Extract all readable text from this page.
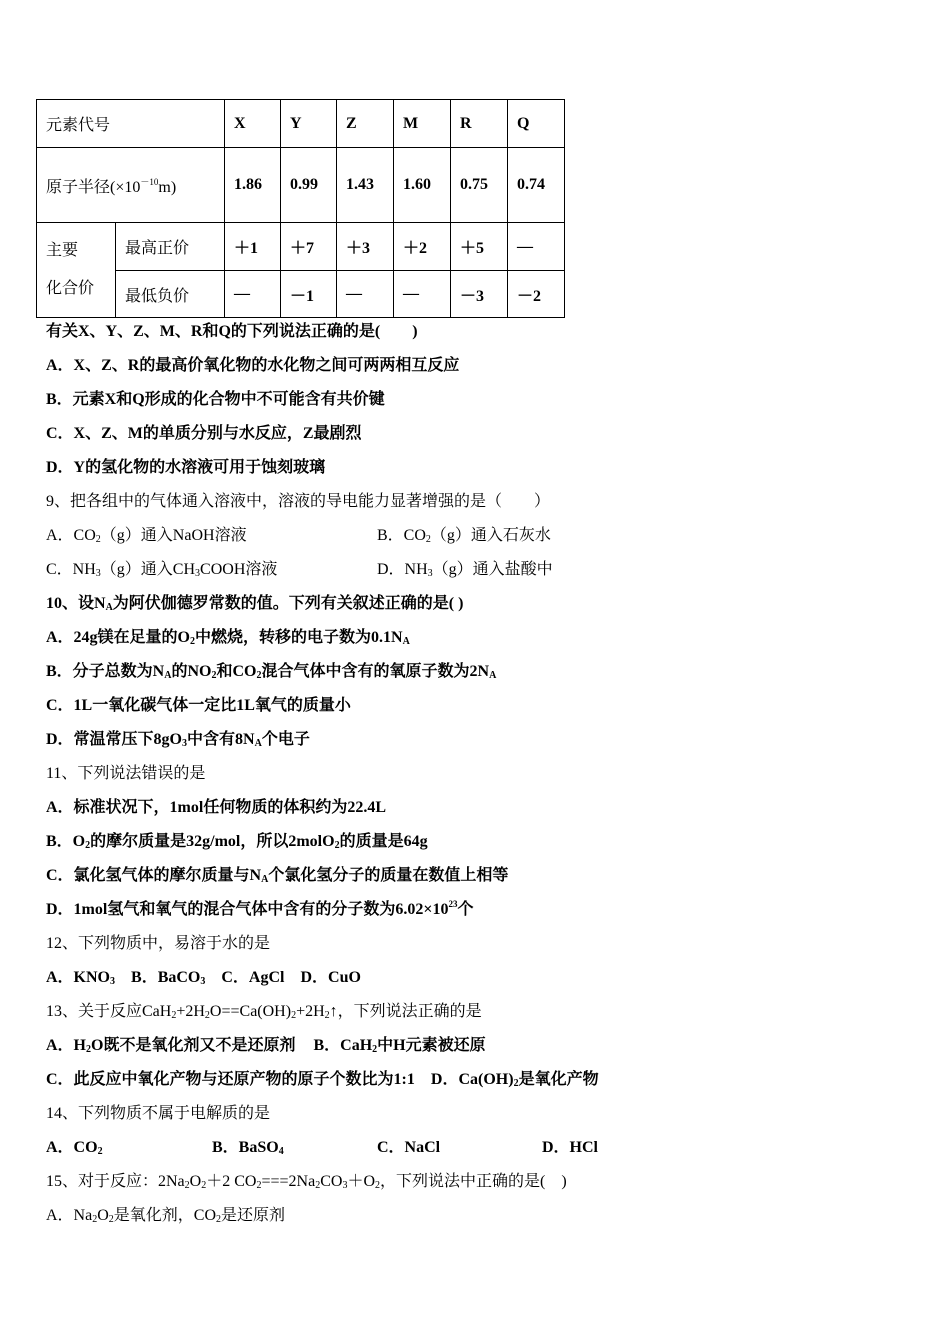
元素代号		X	Y	Z	M	R	Q
原子半径$(\times 10^{-10}m)$		1.86	0.99	1.43	1.60	0.75	0.74
主要
化合价	最高正价	＋1	＋7	＋3	＋2	＋5	—
	最低负价	—	－1	—	—	－3	－2
有关X、Y、Z、M、R和Q的下列说法正确的是(　　)
A．X、Z、R的最高价氧化物的水化物之间可两两相互反应
B．元素X和Q形成的化合物中不可能含有共价键
C．X、Z、M的单质分别与水反应，Z最剧烈
D．Y的氢化物的水溶液可用于蚀刻玻璃
9、把各组中的气体通入溶液中，溶液的导电能力显著增强的是（　　）
A．$CO_2(g)$通入NaOH溶液	B．$CO_2(g)$通入石灰水
C．$NH_3(g)$通入$CH_3COOH$溶液	D．$NH_3(g)$通入盐酸中
10、设$N_A$为阿伏伽德罗常数的值。下列有关叙述正确的是( )
A．24g镁在足量的$O_2$中燃烧，转移的电子数为$0.1N_A$
B．分子总数为$N_A$的$NO_2$和$CO_2$混合气体中含有的氧原子数为$2N_A$
C．1L一氧化碳气体一定比1L氧气的质量小
D．常温常压下$8gO_3$中含有$8N_A$个电子
11、下列说法错误的是
A．标准状况下，1mol任何物质的体积约为22.4L
B．$O_2$的摩尔质量是32g/mol，所以2molO$_2$的质量是64g
C．氯化氢气体的摩尔质量与$N_A$个氯化氢分子的质量在数值上相等
D．1mol氢气和氧气的混合气体中含有的分子数为$6.02\times 10^{23}$个
12、下列物质中，易溶于水的是
A．$KNO_3$ B．BaCO$_3$ C．AgCl D．CuO
13、关于反应$CaH_2+2H_2O==Ca(OH)_2+2H_2↑$，下列说法正确的是
A．$H_2O$既不是氧化剂又不是还原剂 B．CaH$_2$中H元素被还原
C．此反应中氧化产物与还原产物的原子个数比为1:1 D．$Ca(OH)_2$是氧化产物
14、下列物质不属于电解质的是
A．$CO_2$	B．BaSO$_4$	C．NaCl	D．HCl
15、对于反应：$2Na_2O_2+2$ $CO_2===2Na_2CO_3+O_2$，下列说法中正确的是(　)
A．$Na_2O_2$是氧化剂，$CO_2$是还原剂
